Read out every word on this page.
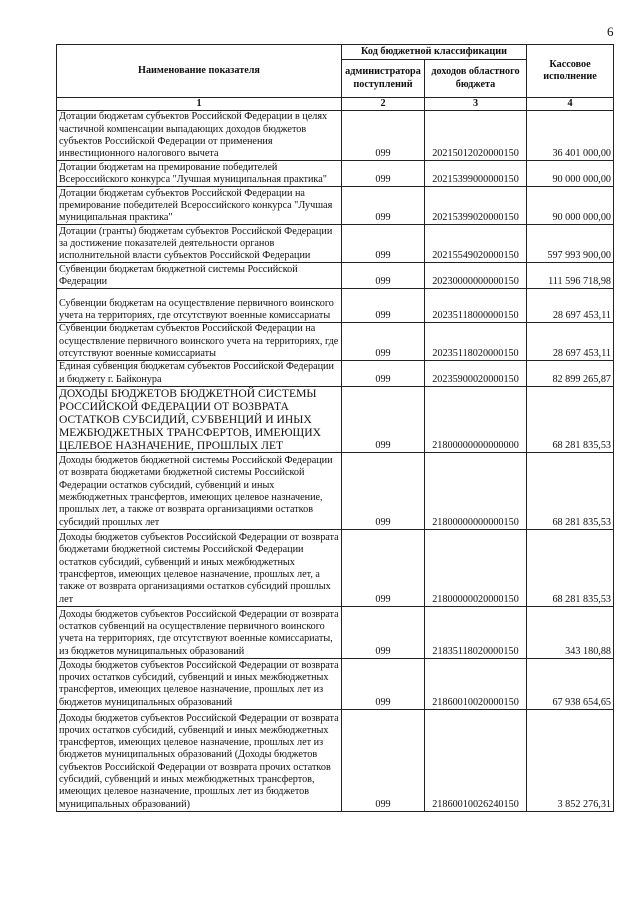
6
Наименование показателя	Код бюджетной классификации		Кассовое исполнение
	администратора поступлений	доходов областного бюджета	
1	2	3	4
Дотации бюджетам субъектов Российской Федерации в целях частичной компенсации выпадающих доходов бюджетов субъектов Российской Федерации от применения инвестиционного налогового вычета	099	20215012020000150	36 401 000,00
Дотации бюджетам на премирование победителей Всероссийского конкурса "Лучшая муниципальная практика"	099	20215399000000150	90 000 000,00
Дотации бюджетам субъектов Российской Федерации на премирование победителей Всероссийского конкурса "Лучшая муниципальная практика"	099	20215399020000150	90 000 000,00
Дотации (гранты) бюджетам субъектов Российской Федерации за достижение показателей деятельности органов исполнительной власти субъектов Российской Федерации	099	20215549020000150	597 993 900,00
Субвенции бюджетам бюджетной системы Российской Федерации	099	20230000000000150	111 596 718,98
Субвенции бюджетам на осуществление первичного воинского учета на территориях, где отсутствуют военные комиссариаты	099	20235118000000150	28 697 453,11
Субвенции бюджетам субъектов Российской Федерации на осуществление первичного воинского учета на территориях, где отсутствуют военные комиссариаты	099	20235118020000150	28 697 453,11
Единая субвенция бюджетам субъектов Российской Федерации и бюджету г. Байконура	099	20235900020000150	82 899 265,87
ДОХОДЫ БЮДЖЕТОВ БЮДЖЕТНОЙ СИСТЕМЫ РОССИЙСКОЙ ФЕДЕРАЦИИ ОТ ВОЗВРАТА ОСТАТКОВ СУБСИДИЙ, СУБВЕНЦИЙ И ИНЫХ МЕЖБЮДЖЕТНЫХ ТРАНСФЕРТОВ, ИМЕЮЩИХ ЦЕЛЕВОЕ НАЗНАЧЕНИЕ, ПРОШЛЫХ ЛЕТ	099	21800000000000000	68 281 835,53
Доходы бюджетов бюджетной системы Российской Федерации от возврата бюджетами бюджетной системы Российской Федерации остатков субсидий, субвенций и иных межбюджетных трансфертов, имеющих целевое назначение, прошлых лет, а также от возврата организациями остатков субсидий прошлых лет	099	21800000000000150	68 281 835,53
Доходы бюджетов субъектов Российской Федерации от возврата бюджетами бюджетной системы Российской Федерации остатков субсидий, субвенций и иных межбюджетных трансфертов, имеющих целевое назначение, прошлых лет, а также от возврата организациями остатков субсидий прошлых лет	099	21800000020000150	68 281 835,53
Доходы бюджетов субъектов Российской Федерации от возврата остатков субвенций на осуществление первичного воинского учета на территориях, где отсутствуют военные комиссариаты, из бюджетов муниципальных образований	099	21835118020000150	343 180,88
Доходы бюджетов субъектов Российской Федерации от возврата прочих остатков субсидий, субвенций и иных межбюджетных трансфертов, имеющих целевое назначение, прошлых лет из бюджетов муниципальных образований	099	21860010020000150	67 938 654,65
Доходы бюджетов субъектов Российской Федерации от возврата прочих остатков субсидий, субвенций и иных межбюджетных трансфертов, имеющих целевое назначение, прошлых лет из бюджетов муниципальных образований (Доходы бюджетов субъектов Российской Федерации от возврата прочих остатков субсидий, субвенций и иных межбюджетных трансфертов, имеющих целевое назначение, прошлых лет из бюджетов муниципальных образований)	099	21860010026240150	3 852 276,31
